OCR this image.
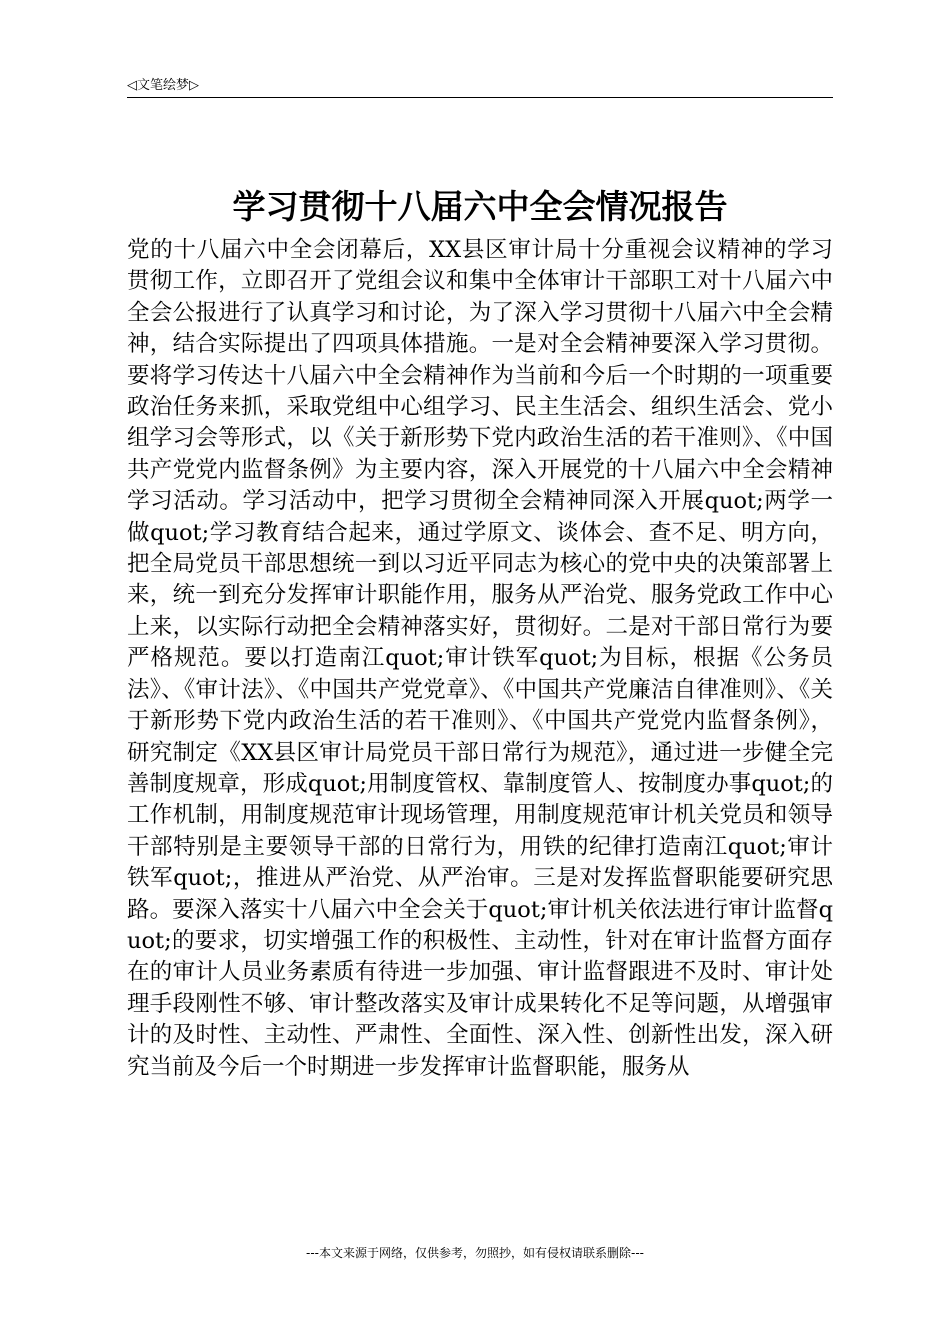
◁文笔绘梦▷
学习贯彻十八届六中全会情况报告

党的十八届六中全会闭幕后，XX县区审计局十分重视会议精神的学习贯彻工作，立即召开了党组会议和集中全体审计干部职工对十八届六中全会公报进行了认真学习和讨论，为了深入学习贯彻十八届六中全会精神，结合实际提出了四项具体措施。一是对全会精神要深入学习贯彻。要将学习传达十八届六中全会精神作为当前和今后一个时期的一项重要政治任务来抓，采取党组中心组学习、民主生活会、组织生活会、党小组学习会等形式，以《关于新形势下党内政治生活的若干准则》、《中国共产党党内监督条例》为主要内容，深入开展党的十八届六中全会精神学习活动。学习活动中，把学习贯彻全会精神同深入开展quot;两学一做quot;学习教育结合起来，通过学原文、谈体会、查不足、明方向，把全局党员干部思想统一到以习近平同志为核心的党中央的决策部署上来，统一到充分发挥审计职能作用，服务从严治党、服务党政工作中心上来，以实际行动把全会精神落实好，贯彻好。二是对干部日常行为要严格规范。要以打造南江quot;审计铁军quot;为目标，根据《公务员法》、《审计法》、《中国共产党党章》、《中国共产党廉洁自律准则》、《关于新形势下党内政治生活的若干准则》、《中国共产党党内监督条例》，研究制定《XX县区审计局党员干部日常行为规范》，通过进一步健全完善制度规章，形成quot;用制度管权、靠制度管人、按制度办事quot;的工作机制，用制度规范审计现场管理，用制度规范审计机关党员和领导干部特别是主要领导干部的日常行为，用铁的纪律打造南江quot;审计铁军quot;，推进从严治党、从严治审。三是对发挥监督职能要研究思路。要深入落实十八届六中全会关于quot;审计机关依法进行审计监督quot;的要求，切实增强工作的积极性、主动性，针对在审计监督方面存在的审计人员业务素质有待进一步加强、审计监督跟进不及时、审计处理手段刚性不够、审计整改落实及审计成果转化不足等问题，从增强审计的及时性、主动性、严肃性、全面性、深入性、创新性出发，深入研究当前及今后一个时期进一步发挥审计监督职能，服务从

---本文来源于网络，仅供参考，勿照抄，如有侵权请联系删除---
